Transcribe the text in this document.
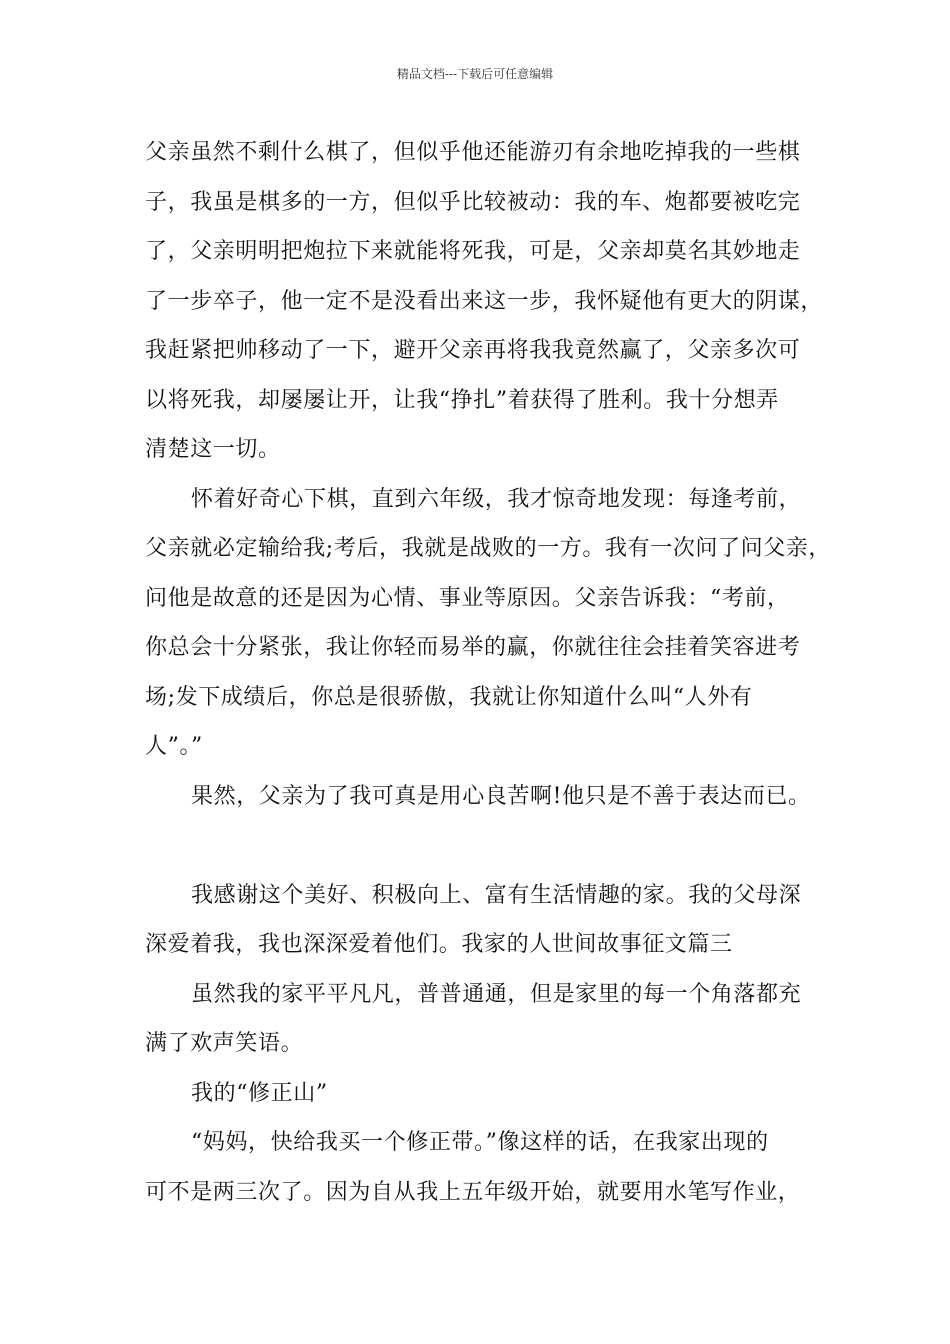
精品文档---下载后可任意编辑
父亲虽然不剩什么棋了，但似乎他还能游刃有余地吃掉我的一些棋
子，我虽是棋多的一方，但似乎比较被动：我的车、炮都要被吃完
了，父亲明明把炮拉下来就能将死我，可是，父亲却莫名其妙地走
了一步卒子，他一定不是没看出来这一步，我怀疑他有更大的阴谋，
我赶紧把帅移动了一下，避开父亲再将我我竟然赢了，父亲多次可
以将死我，却屡屡让开，让我“挣扎”着获得了胜利。我十分想弄
清楚这一切。
怀着好奇心下棋，直到六年级，我才惊奇地发现：每逢考前，
父亲就必定输给我;考后，我就是战败的一方。我有一次问了问父亲，
问他是故意的还是因为心情、事业等原因。父亲告诉我：“考前，
你总会十分紧张，我让你轻而易举的赢，你就往往会挂着笑容进考
场;发下成绩后，你总是很骄傲，我就让你知道什么叫“人外有
人”。”
果然，父亲为了我可真是用心良苦啊!他只是不善于表达而已。
我感谢这个美好、积极向上、富有生活情趣的家。我的父母深
深爱着我，我也深深爱着他们。我家的人世间故事征文篇三
虽然我的家平平凡凡，普普通通，但是家里的每一个角落都充
满了欢声笑语。
我的“修正山”
“妈妈，快给我买一个修正带。”像这样的话，在我家出现的
可不是两三次了。因为自从我上五年级开始，就要用水笔写作业，
